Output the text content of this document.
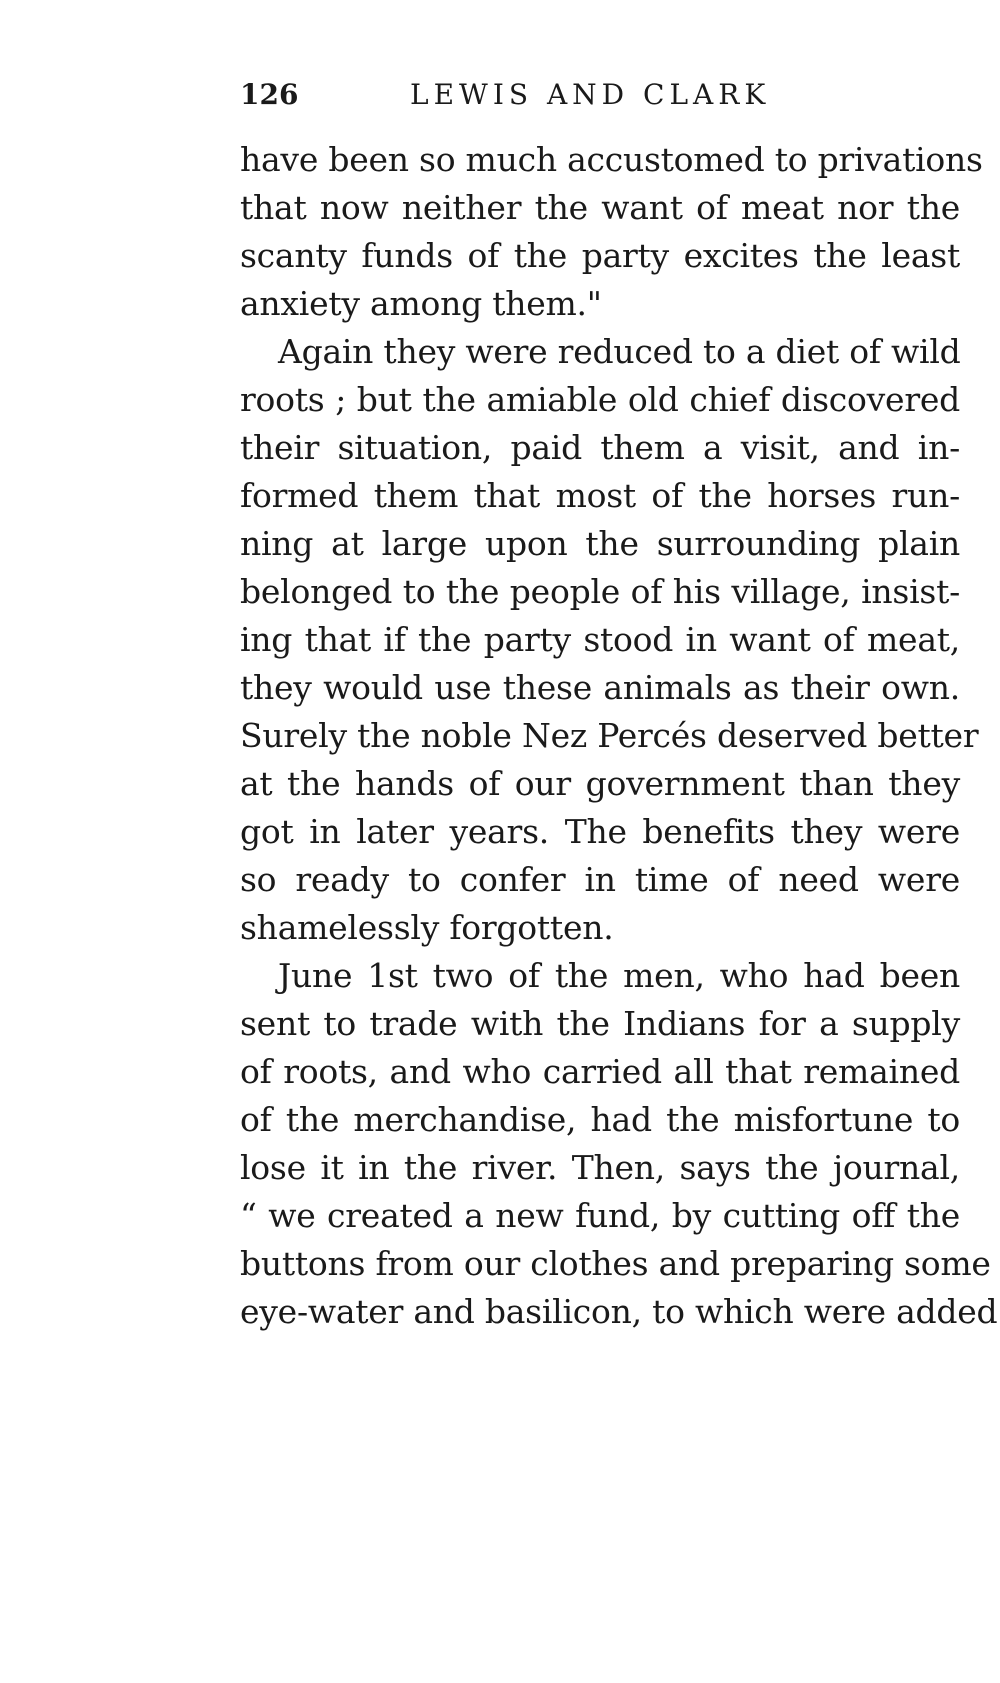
126	LEWIS AND CLARK
have been so much accustomed to privations
that now neither the want of meat nor the
scanty funds of the party excites the least
anxiety among them."
Again they were reduced to a diet of wild
roots ; but the amiable old chief discovered
their situation, paid them a visit, and in-
formed them that most of the horses run-
ning at large upon the surrounding plain
belonged to the people of his village, insist-
ing that if the party stood in want of meat,
they would use these animals as their own.
Surely the noble Nez Percés deserved better
at the hands of our government than they
got in later years. The benefits they were
so ready to confer in time of need were
shamelessly forgotten.
June 1st two of the men, who had been
sent to trade with the Indians for a supply
of roots, and who carried all that remained
of the merchandise, had the misfortune to
lose it in the river. Then, says the journal,
“ we created a new fund, by cutting off the
buttons from our clothes and preparing some
eye-water and basilicon, to which were added
